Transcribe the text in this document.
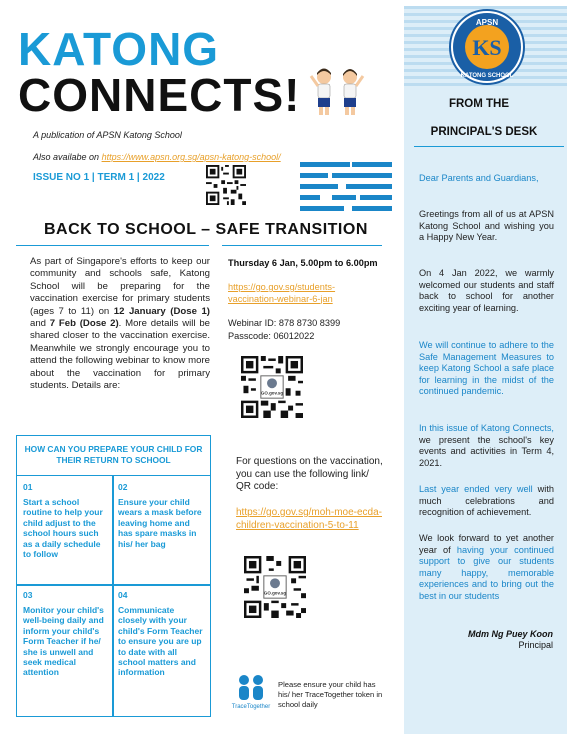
APSN
KS
KATONG SCHOOL
KATONG
CONNECTS!
A publication of APSN Katong School
Also availabe on https://www.apsn.org.sg/apsn-katong-school/
ISSUE NO 1 | TERM 1 | 2022
BACK TO SCHOOL – SAFE TRANSITION
As part of Singapore's efforts to keep our community and schools safe, Katong School will be preparing for the vaccination exercise for primary students (ages 7 to 11) on 12 January (Dose 1) and 7 Feb (Dose 2). More details will be shared closer to the vaccination exercise. Meanwhile we strongly encourage you to attend the following webinar to know more about the vaccination for primary students. Details are:
HOW CAN YOU PREPARE YOUR CHILD FOR THEIR RETURN TO SCHOOL
01
Start a school routine to help your child adjust to the school hours such as a daily schedule to follow
02
Ensure your child wears a mask before leaving home and has spare masks in his/ her bag
03
Monitor your child's well-being daily and inform your child's Form Teacher if he/ she is unwell and seek medical attention
04
Communicate closely with your child's Form Teacher to ensure you are up to date with all school matters and information
Thursday 6 Jan, 5.00pm to 6.00pm
https://go.gov.sg/students-vaccination-webinar-6-jan
Webinar ID: 878 8730 8399
Passcode: 06012022
GO.gov.sg
For questions on the vaccination, you can use the following link/ QR code:
https://go.gov.sg/moh-moe-ecda-children-vaccination-5-to-11
GO.gov.sg
TraceTogether
Please ensure your child has his/ her TraceTogether token in school daily
FROM THE
PRINCIPAL'S DESK
Dear Parents and Guardians,
Greetings from all of us at APSN Katong School and wishing you a Happy New Year.
On 4 Jan 2022, we warmly welcomed our students and staff back to school for another exciting year of learning.
We will continue to adhere to the Safe Management Measures to keep Katong School a safe place for learning in the midst of the continued pandemic.
In this issue of Katong Connects, we present the school's key events and activities in Term 4, 2021.
Last year ended very well with much celebrations and recognition of achievement.
We look forward to yet another year of having your continued support to give our students many happy, memorable experiences and to bring out the best in our students
Mdm Ng Puey Koon
Principal
